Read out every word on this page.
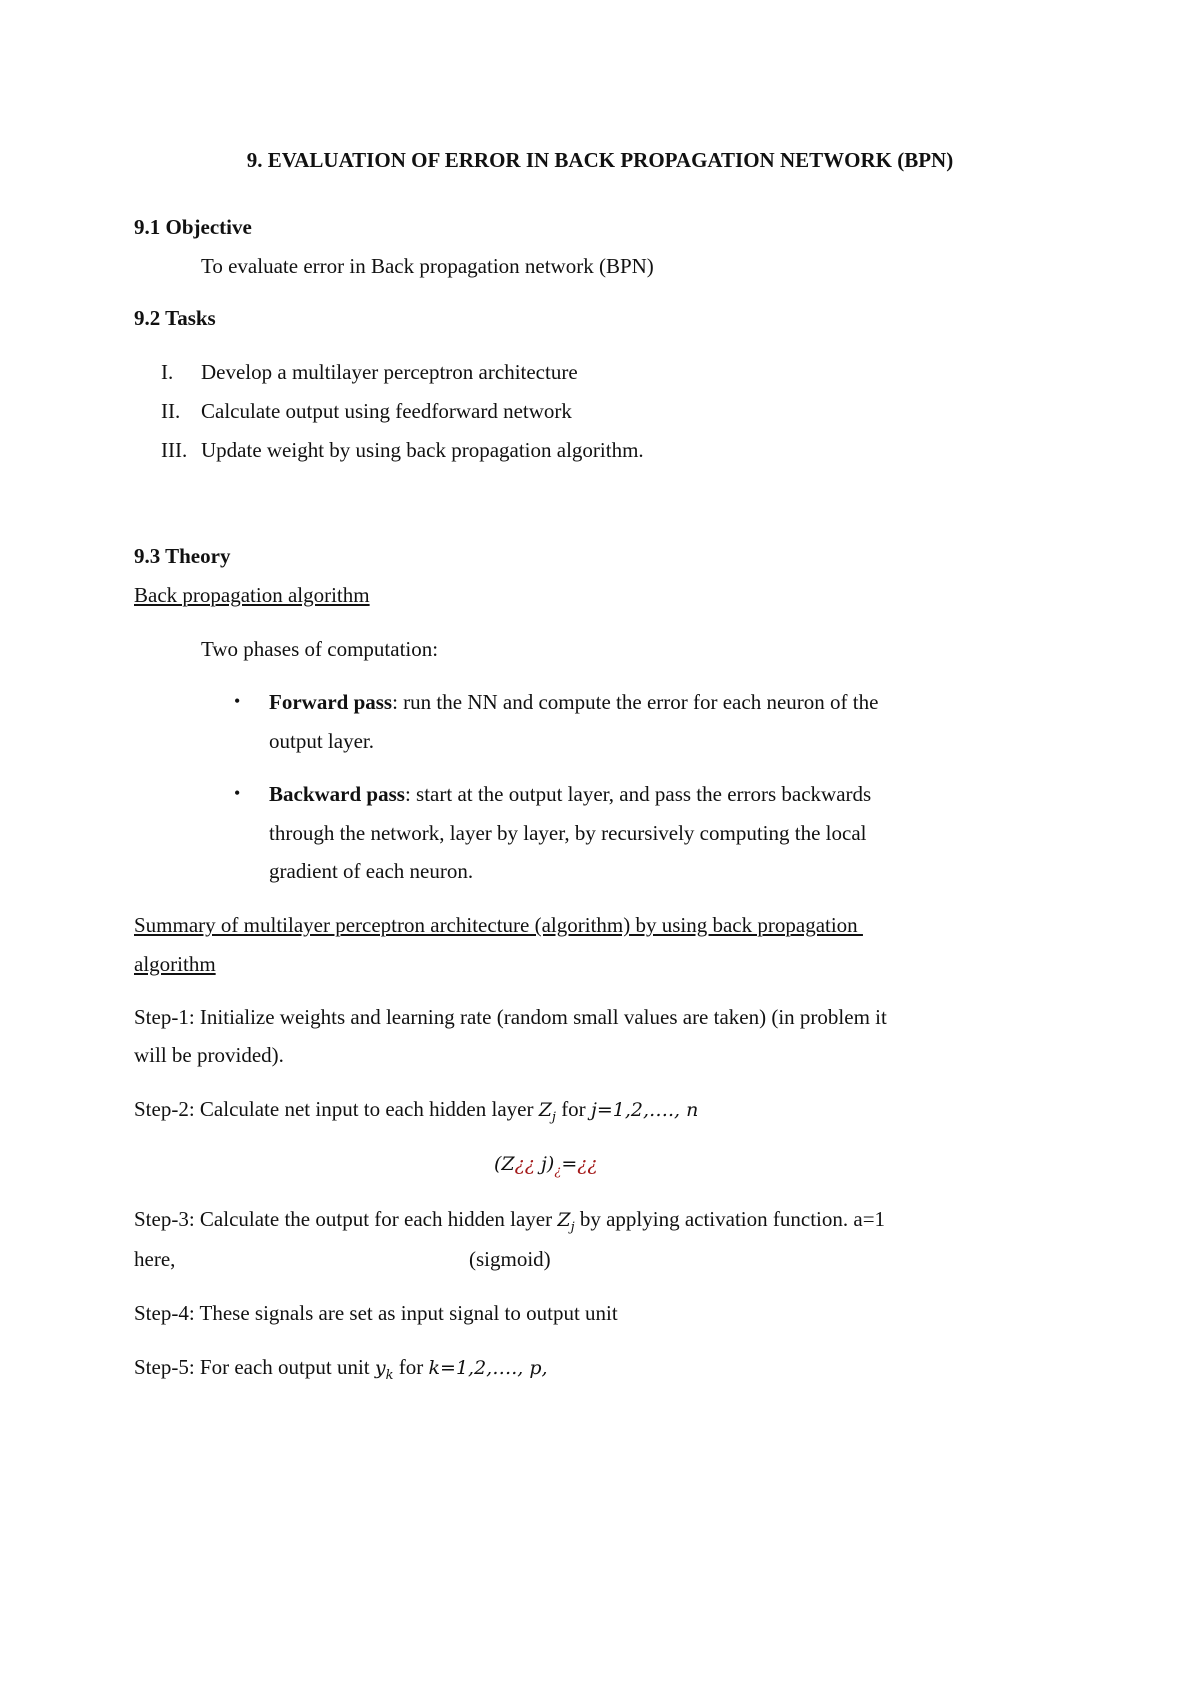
9. EVALUATION OF ERROR IN BACK PROPAGATION NETWORK (BPN)
9.1 Objective
To evaluate error in Back propagation network (BPN)
9.2 Tasks
I. Develop a multilayer perceptron architecture
II. Calculate output using feedforward network
III. Update weight by using back propagation algorithm.
9.3 Theory
Back propagation algorithm
Two phases of computation:
• Forward pass: run the NN and compute the error for each neuron of the
output layer.
• Backward pass: start at the output layer, and pass the errors backwards
through the network, layer by layer, by recursively computing the local
gradient of each neuron.
Summary of multilayer perceptron architecture (algorithm) by using back propagation
algorithm
Step-1: Initialize weights and learning rate (random small values are taken) (in problem it
will be provided).
Step-2: Calculate net input to each hidden layer $Z_j$ for j=1,2,…., n
(Z¿¿ $j)_¿=¿¿$
Step-3: Calculate the output for each hidden layer $Z_j$ by applying activation function. a=1
here,	(sigmoid)
Step-4: These signals are set as input signal to output unit
Step-5: For each output unit $y_k$ for k=1,2,…., p,
